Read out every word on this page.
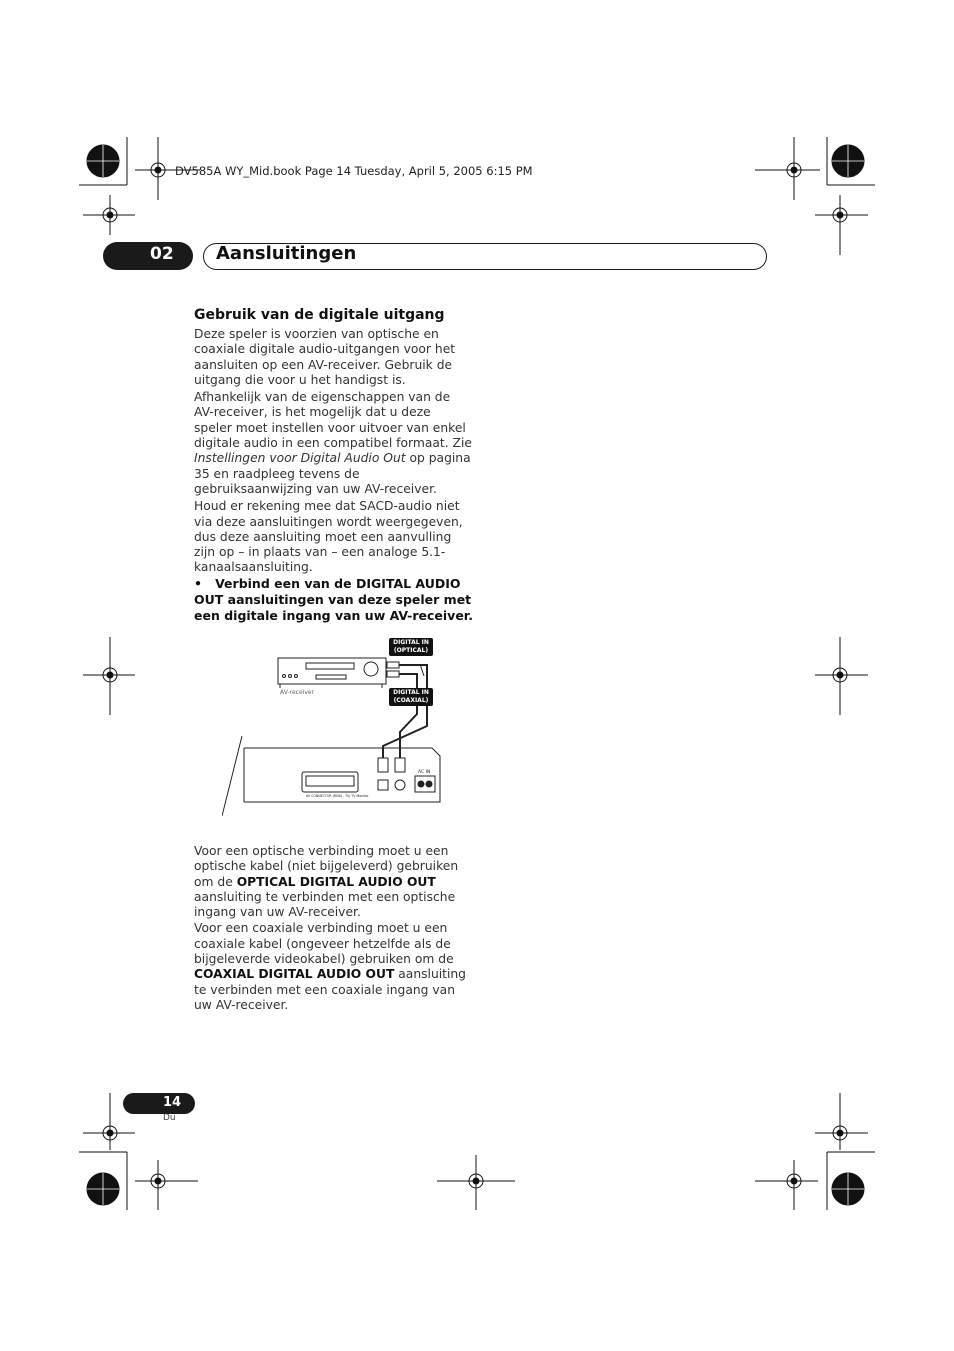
DV585A WY_Mid.book Page 14 Tuesday, April 5, 2005 6:15 PM
02 Aansluitingen
Gebruik van de digitale uitgang

Deze speler is voorzien van optische en coaxiale digitale audio-uitgangen voor het aansluiten op een AV-receiver. Gebruik de uitgang die voor u het handigst is.

Afhankelijk van de eigenschappen van de AV-receiver, is het mogelijk dat u deze speler moet instellen voor uitvoer van enkel digitale audio in een compatibel formaat. Zie Instellingen voor Digital Audio Out op pagina 35 en raadpleeg tevens de gebruiksaanwijzing van uw AV-receiver.

Houd er rekening mee dat SACD-audio niet via deze aansluitingen wordt weergegeven, dus deze aansluiting moet een aanvulling zijn op – in plaats van – een analoge 5.1-kanaalsaansluiting.

• Verbind een van de DIGITAL AUDIO OUT aansluitingen van deze speler met een digitale ingang van uw AV-receiver.
AC IN
AV CONNECTOR (RGB) - TV/ TV Monitor
AV-receiver
DIGITAL IN
(OPTICAL)
DIGITAL IN
(COAXIAL)

Voor een optische verbinding moet u een optische kabel (niet bijgeleverd) gebruiken om de OPTICAL DIGITAL AUDIO OUT aansluiting te verbinden met een optische ingang van uw AV-receiver.

Voor een coaxiale verbinding moet u een coaxiale kabel (ongeveer hetzelfde als de bijgeleverde videokabel) gebruiken om de COAXIAL DIGITAL AUDIO OUT aansluiting te verbinden met een coaxiale ingang van uw AV-receiver.

14
Du
